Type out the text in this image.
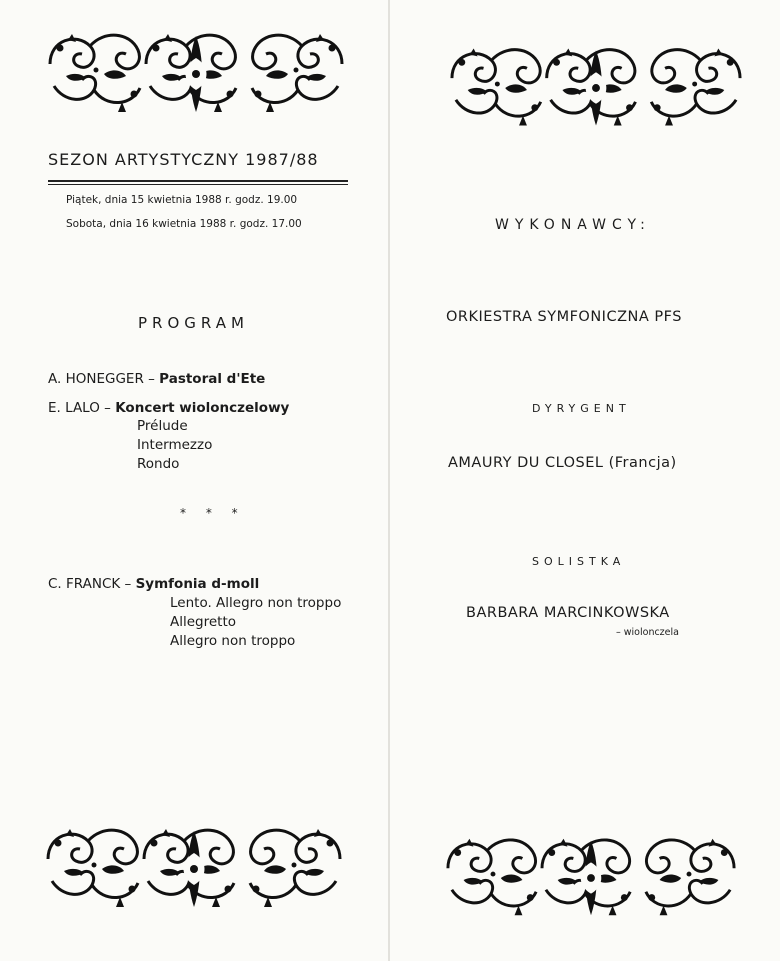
SEZON ARTYSTYCZNY 1987/88
Piątek, dnia 15 kwietnia 1988 r. godz. 19.00
Sobota, dnia 16 kwietnia 1988 r. godz. 17.00
PROGRAM
A. HONEGGER – Pastoral d'Ete
E. LALO – Koncert wiolonczelowy
Prélude
Intermezzo
Rondo
* * *
C. FRANCK – Symfonia d-moll
Lento. Allegro non troppo
Allegretto
Allegro non troppo
WYKONAWCY:
ORKIESTRA SYMFONICZNA PFS
DYRYGENT
AMAURY DU CLOSEL (Francja)
SOLISTKA
BARBARA MARCINKOWSKA
– wiolonczela
